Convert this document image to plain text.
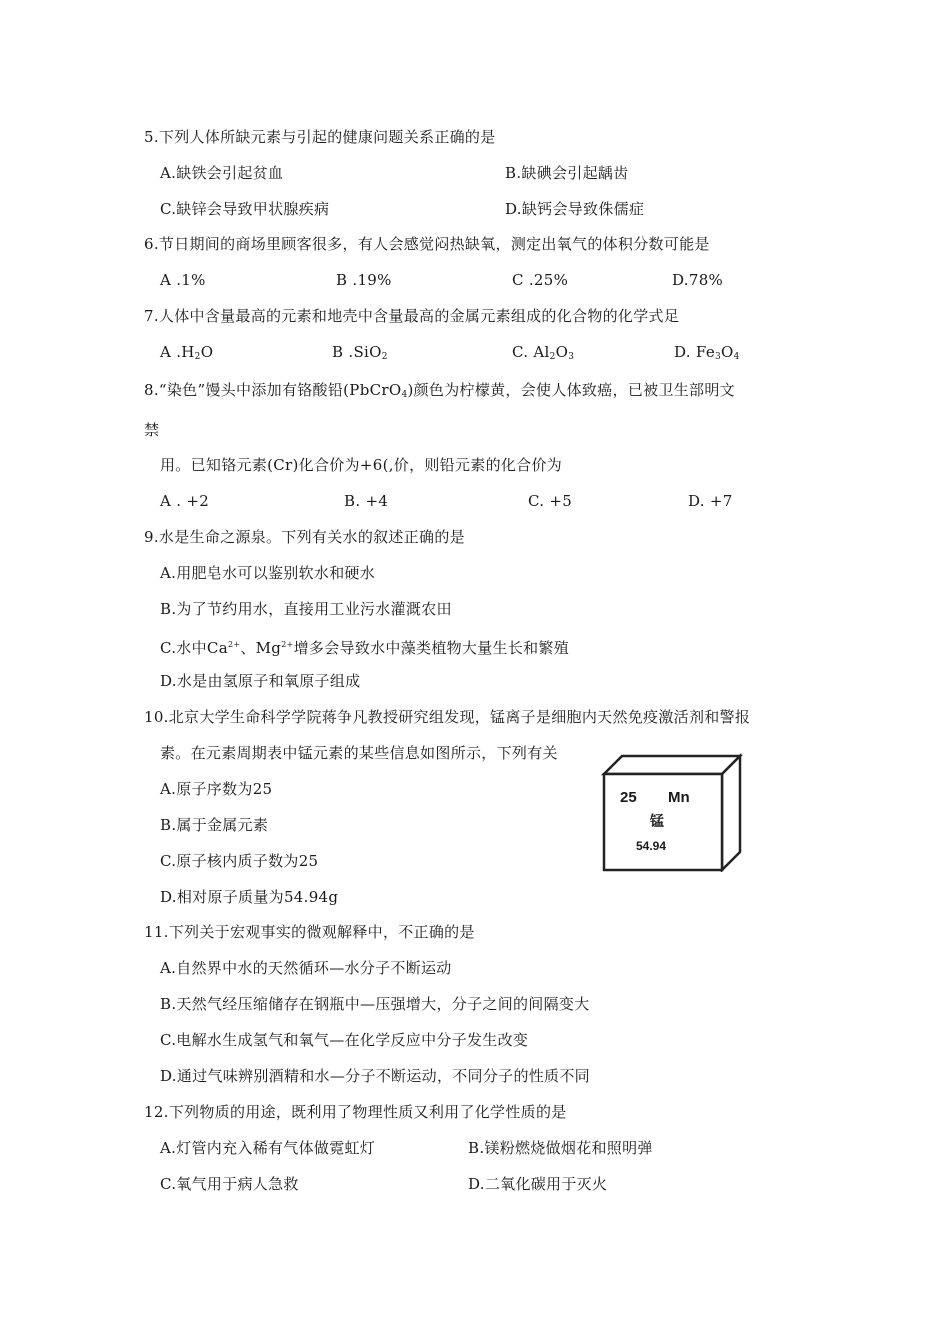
5.下列人体所缺元素与引起的健康问题关系正确的是
A.缺铁会引起贫血	B.缺碘会引起龋齿
C.缺锌会导致甲状腺疾病	D.缺钙会导致侏儒症
6.节日期间的商场里顾客很多，有人会感觉闷热缺氧，测定出氧气的体积分数可能是
A .1%	B .19%	C .25%	D.78%
7.人体中含量最高的元素和地壳中含量最高的金属元素组成的化合物的化学式足
A $.H_2O$	B .SiO$_2$	C. $Al_2O_3$	D. $Fe_3O_4$
8.“染色”馒头中添加有铬酸铅(PbCrO$_4$)颜色为柠檬黄，会使人体致癌，已被卫生部明文
禁
用。已知铬元素(Cr)化合价为+6(,价，则铅元素的化合价为
A . +2	B. +4	C. +5	D. +7
9.水是生命之源泉。下列有关水的叙述正确的是
A.用肥皂水可以鉴别软水和硬水
B.为了节约用水，直接用工业污水灌溉农田
C.水中$Ca^{2+}$、$Mg^{2+}$增多会导致水中藻类植物大量生长和繁殖
D.水是由氢原子和氧原子组成
10.北京大学生命科学学院蒋争凡教授研究组发现，锰离子是细胞内天然免疫激活剂和警报
素。在元素周期表中锰元素的某些信息如图所示，下列有关
A.原子序数为25
B.属于金属元素
C.原子核内质子数为25
D.相对原子质量为54.94g
25 Mn
锰
54.94
11.下列关于宏观事实的微观解释中，不正确的是
A.自然界中水的天然循环—水分子不断运动
B.天然气经压缩储存在钢瓶中—压强增大，分子之间的间隔变大
C.电解水生成氢气和氧气—在化学反应中分子发生改变
D.通过气味辨别酒精和水—分子不断运动，不同分子的性质不同
12.下列物质的用途，既利用了物理性质又利用了化学性质的是
A.灯管内充入稀有气体做霓虹灯	B.镁粉燃烧做烟花和照明弹
C.氧气用于病人急救	D.二氧化碳用于灭火
